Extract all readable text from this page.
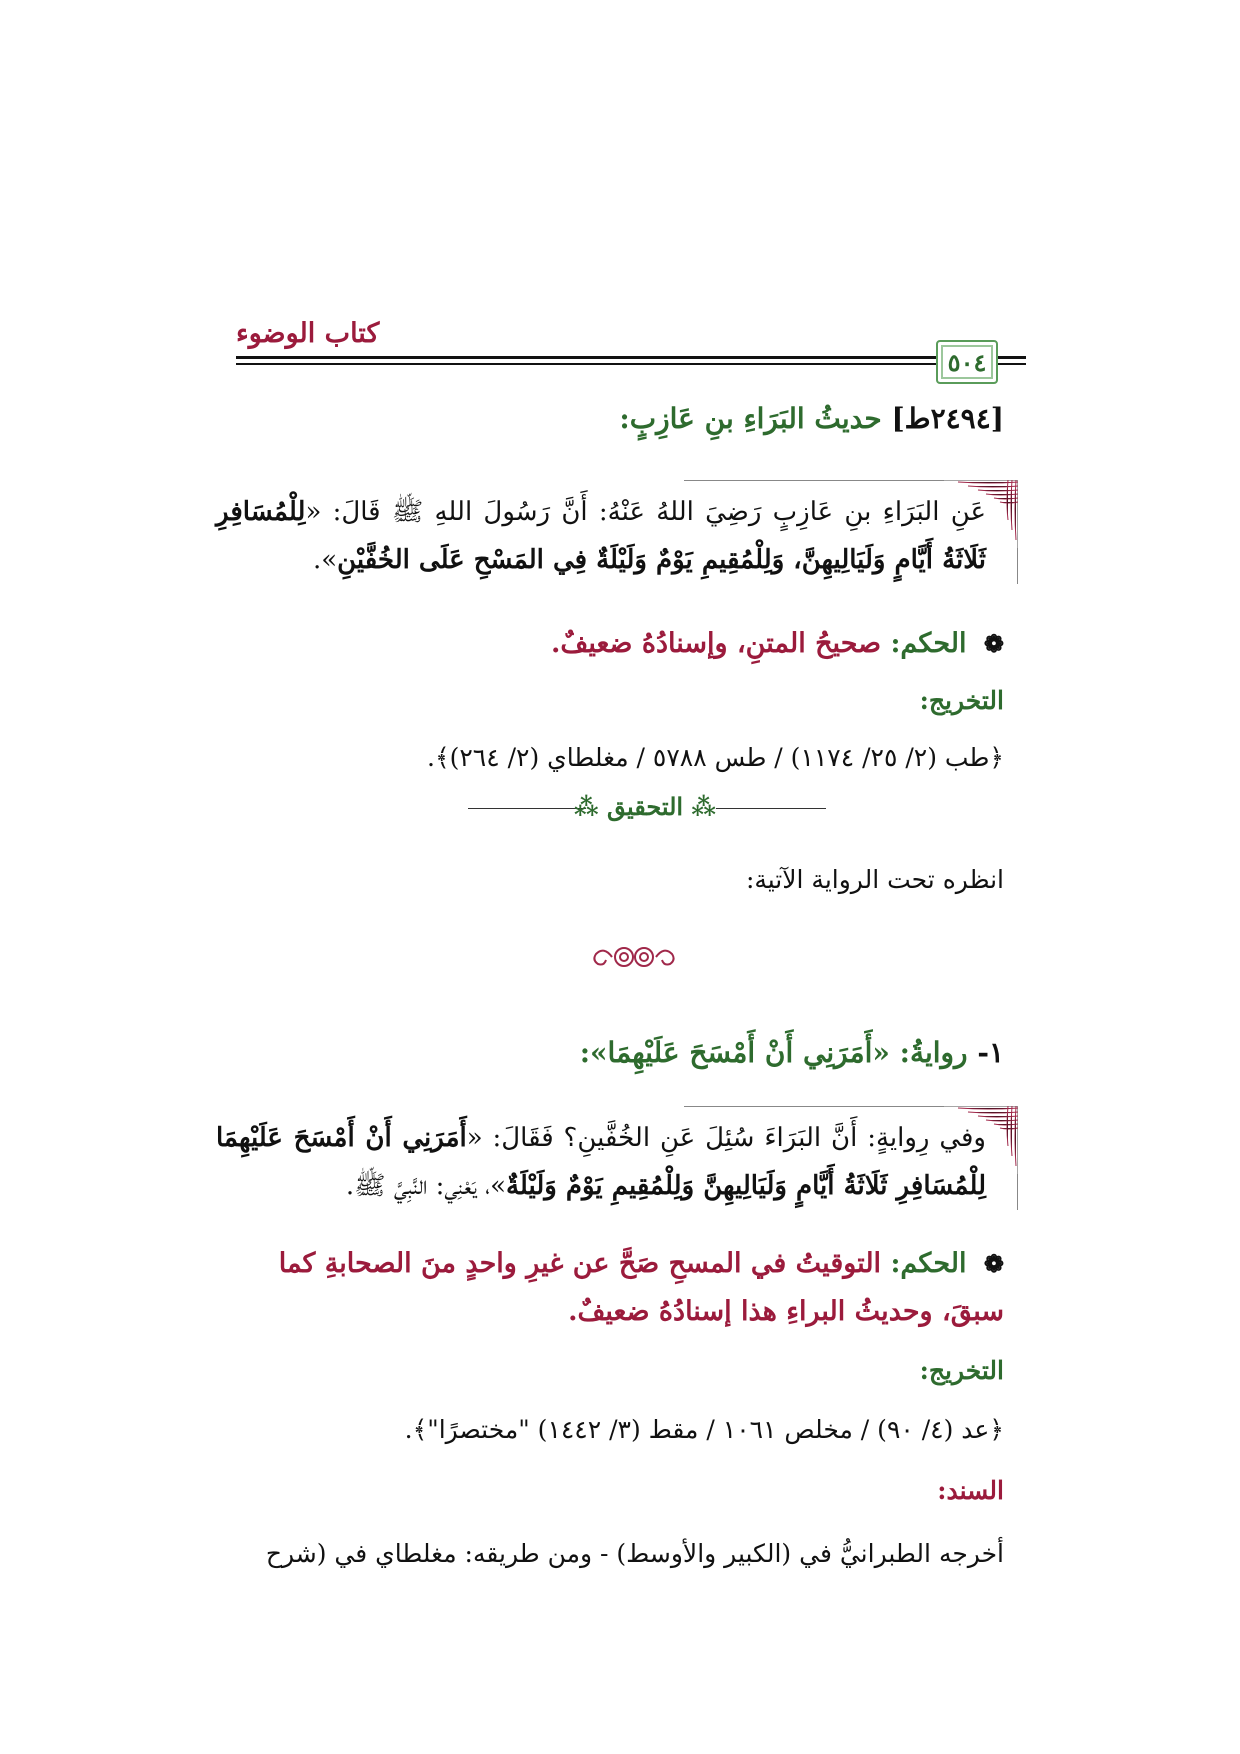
كتاب الوضوء
٥٠٤
[٢٤٩٤ط] حديثُ البَرَاءِ بنِ عَازِبٍ:
عَنِ البَرَاءِ بنِ عَازِبٍ رَضِيَ اللهُ عَنْهُ: أَنَّ رَسُولَ اللهِ ﷺ قَالَ: «لِلْمُسَافِرِ ثَلَاثَةُ أَيَّامٍ وَلَيَالِيهِنَّ، وَلِلْمُقِيمِ يَوْمٌ وَلَيْلَةٌ فِي المَسْحِ عَلَى الخُفَّيْنِ».
❁ الحكم: صحيحُ المتنِ، وإسنادُهُ ضعيفٌ.
التخريج:
﴿طب (٢/ ٢٥/ ١١٧٤) / طس ٥٧٨٨ / مغلطاي (٢/ ٢٦٤)﴾.
⁂ التحقيق ⁂
انظره تحت الرواية الآتية:
١- روايةُ: «أَمَرَنِي أَنْ أَمْسَحَ عَلَيْهِمَا»:
وفي رِوايةٍ: أَنَّ البَرَاءَ سُئِلَ عَنِ الخُفَّينِ؟ فَقَالَ: «أَمَرَنِي أَنْ أَمْسَحَ عَلَيْهِمَا لِلْمُسَافِرِ ثَلَاثَةُ أَيَّامٍ وَلَيَالِيهِنَّ وَلِلْمُقِيمِ يَوْمٌ وَلَيْلَةٌ»، يَعْنِي: النَّبِيَّ ﷺ.
❁ الحكم: التوقيتُ في المسحِ صَحَّ عن غيرِ واحدٍ منَ الصحابةِ كما سبقَ، وحديثُ البراءِ هذا إسنادُهُ ضعيفٌ.
التخريج:
﴿عد (٤/ ٩٠) / مخلص ١٠٦١ / مقط (٣/ ١٤٤٢) "مختصرًا"﴾.
السند:
أخرجه الطبرانيُّ في (الكبير والأوسط) - ومن طريقه: مغلطاي في (شرح
